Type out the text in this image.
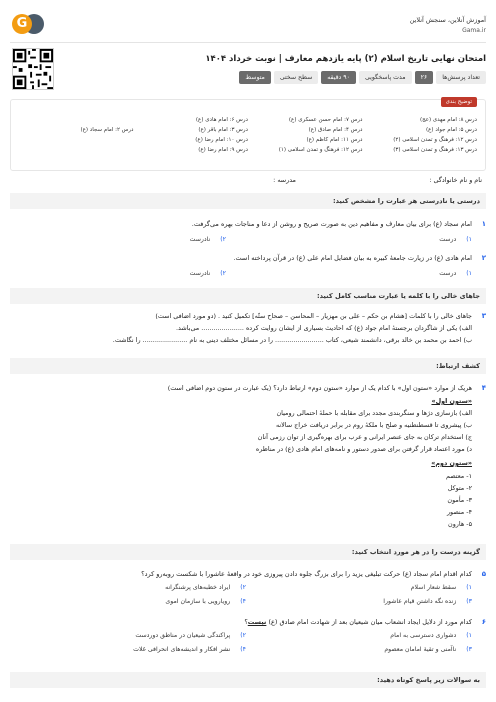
آموزش آنلاین، سنجش آنلاین
Gama.ir
G
امتحان نهایی تاریخ اسلام (۲) پایه یازدهم معارف | نوبت خرداد ۱۴۰۴
تعداد پرسش‌ها
۲۶
مدت پاسخگویی
۹۰ دقیقه
سطح سختی
متوسط
توضیح بندی
درس ۸: امام مهدی (عج)
درس ۷: امام حسن عسکری (ع)
درس ۶: امام هادی (ع)
درس ۵: امام جواد (ع)
درس ۴: امام صادق (ع)
درس ۳: امام باقر (ع)
درس ۲: امام سجاد (ع)
درس ۱۲: فرهنگ و تمدن اسلامی (۲)
درس ۱۱: امام کاظم (ع)
درس ۱۰: امام رضا (ع)
درس ۱۳: فرهنگ و تمدن اسلامی (۳)
درس ۱۲: فرهنگ و تمدن اسلامی (۱)
درس ۹: امام رضا (ع)
نام و نام خانوادگی :
مدرسه :
درستی یا نادرستی هر عبارت را مشخص کنید:
۱
امام سجاد (ع) برای بیان معارف و مفاهیم دین به صورت صریح و روشن از دعا و مناجات بهره می‌گرفت.
۱)درست
۲)نادرست
۲
امام هادی (ع) در زیارت جامعهٔ کبیره به بیان فضایل امام علی (ع) در قرآن پرداخته است.
۱)درست
۲)نادرست
جاهای خالی را با کلمه یا عبارت مناسب کامل کنید:
۳
جاهای خالی را با کلمات [هشام بن حکم – علی بن مهزیار – المحاسن – صحاح ستّه] تکمیل کنید . (دو مورد اضافی است)
الف) یکی از شاگردان برجستهٔ امام جواد (ع) که احادیث بسیاری از ایشان روایت کرده ..................... می‌باشد.
ب) احمد بن محمد بن خالد برقی، دانشمند شیعی، کتاب ........................ را در مسائل مختلف دینی به نام ...................... را نگاشت.
کشف ارتباط:
۴
هریک از موارد «ستون اول» با کدام یک از موارد «ستون دوم» ارتباط دارد؟ (یک عبارت در ستون دوم اضافی است)
«ستون اول»
الف) بازسازی دژها و سنگربندی مجدد برای مقابله با حملهٔ احتمالی رومیان
ب) پیشروی تا قسطنطنیه و صلح با ملکهٔ روم در برابر دریافت خراج سالانه
ج) استخدام ترکان به جای عنصر ایرانی و عرب برای بهره‌گیری از توان رزمی آنان
د) مورد اعتماد قرار گرفتن برای صدور دستور و نامه‌های امام هادی (ع) در مناظره
«ستون دوم»
۱- معتصم
۲- متوکل
۳- مأمون
۴- منصور
۵- هارون
گزینه درست را در هر مورد انتخاب کنید:
۵
کدام اقدام امام سجاد (ع) حرکت تبلیغی یزید را برای بزرگ جلوه دادن پیروزی خود در واقعهٔ عاشورا با شکست روبه‌رو کرد؟
۱)سقط شعار اسلام
۲)ایراد خطبه‌های پرشنگرانه
۳)زنده نگه داشتن قیام عاشورا
۴)رویارویی با سازمان اموی
۶
کدام مورد از دلایل ایجاد انشعاب میان شیعیان بعد از شهادت امام صادق (ع) نیست؟
۱)دشواری دسترسی به امام
۲)پراکندگی شیعیان در مناطق دوردست
۳)ناآمنی و تقیهٔ امامان معصوم
۴)نشر افکار و اندیشه‌های انحرافی غلات
به سوالات زیر پاسخ کوتاه دهید:
